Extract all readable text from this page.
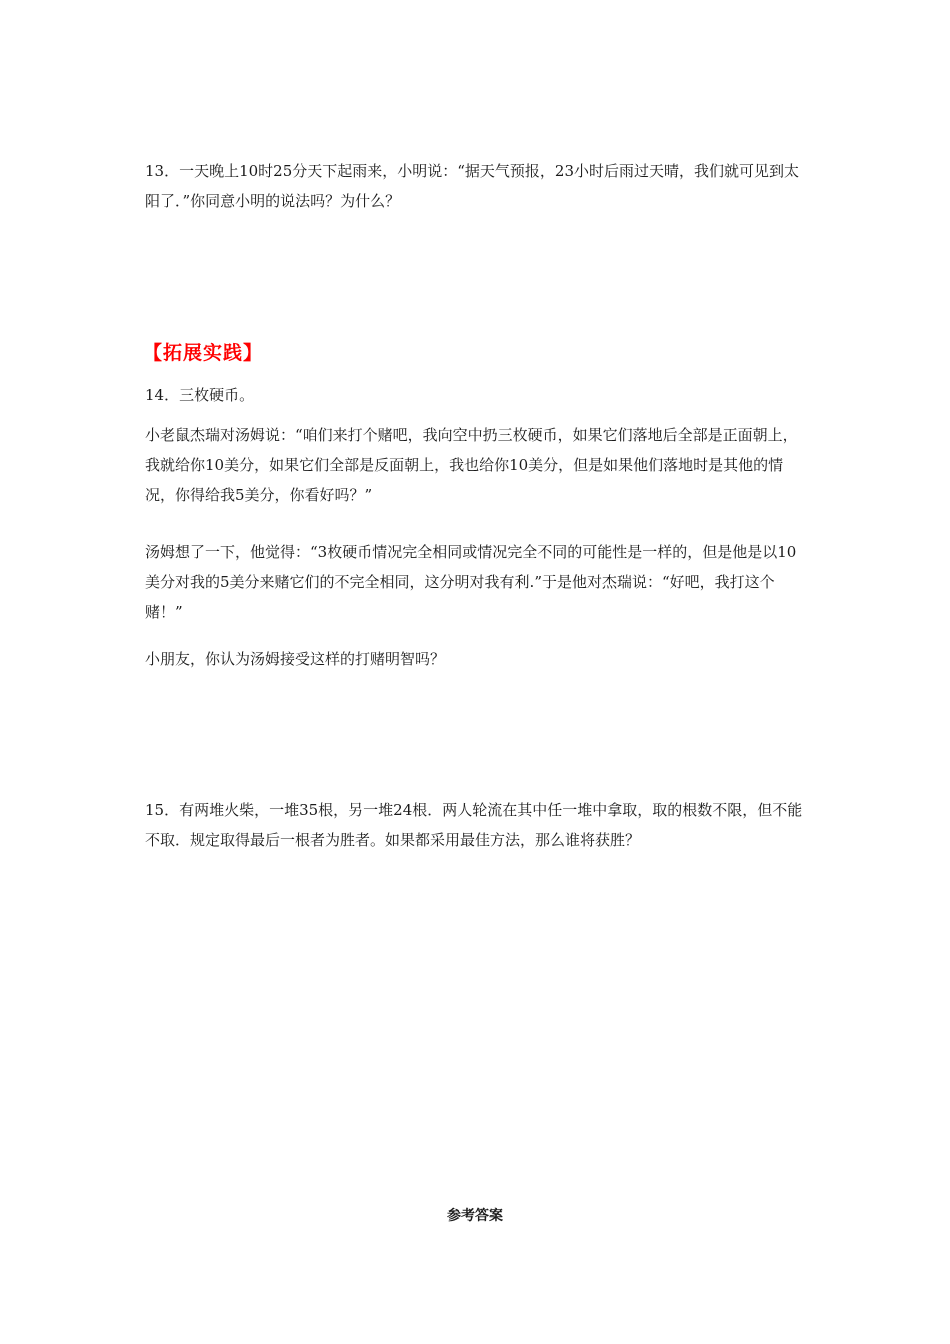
13．一天晚上10时25分天下起雨来，小明说：“据天气预报，23小时后雨过天晴，我们就可见到太阳了．”你同意小明的说法吗？为什么？

【拓展实践】

14．三枚硬币。

小老鼠杰瑞对汤姆说：“咱们来打个赌吧，我向空中扔三枚硬币，如果它们落地后全部是正面朝上，我就给你10美分，如果它们全部是反面朝上，我也给你10美分，但是如果他们落地时是其他的情况，你得给我5美分，你看好吗？”

汤姆想了一下，他觉得：“3枚硬币情况完全相同或情况完全不同的可能性是一样的，但是他是以10美分对我的5美分来赌它们的不完全相同，这分明对我有利.”于是他对杰瑞说：“好吧，我打这个赌！”

小朋友，你认为汤姆接受这样的打赌明智吗？

15．有两堆火柴，一堆35根，另一堆24根．两人轮流在其中任一堆中拿取，取的根数不限，但不能不取．规定取得最后一根者为胜者。如果都采用最佳方法，那么谁将获胜？

参考答案
